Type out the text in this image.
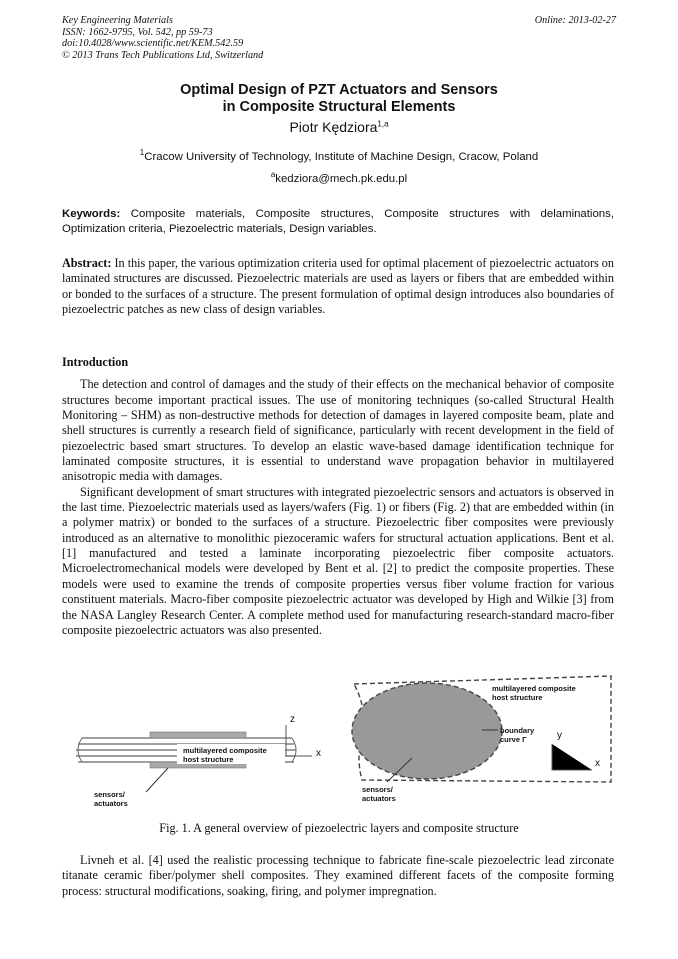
Key Engineering Materials
ISSN: 1662-9795, Vol. 542, pp 59-73
doi:10.4028/www.scientific.net/KEM.542.59
© 2013 Trans Tech Publications Ltd, Switzerland
Online: 2013-02-27
Optimal Design of PZT Actuators and Sensors
in Composite Structural Elements
Piotr Kędziora$^{1,a}$
$^1$Cracow University of Technology, Institute of Machine Design, Cracow, Poland
$^a$kedziora@mech.pk.edu.pl
Keywords: Composite materials, Composite structures, Composite structures with delaminations, Optimization criteria, Piezoelectric materials, Design variables.
Abstract: In this paper, the various optimization criteria used for optimal placement of piezoelectric actuators on laminated structures are discussed. Piezoelectric materials are used as layers or fibers that are embedded within or bonded to the surfaces of a structure. The present formulation of optimal design introduces also boundaries of piezoelectric patches as new class of design variables.
Introduction

The detection and control of damages and the study of their effects on the mechanical behavior of composite structures become important practical issues. The use of monitoring techniques (so-called Structural Health Monitoring – SHM) as non-destructive methods for detection of damages in layered composite beam, plate and shell structures is currently a research field of significance, particularly with recent development in the field of piezoelectric based smart structures. To develop an elastic wave-based damage identification technique for laminated composite structures, it is essential to understand wave propagation behavior in multilayered anisotropic media with damages.

Significant development of smart structures with integrated piezoelectric sensors and actuators is observed in the last time. Piezoelectric materials used as layers/wafers (Fig. 1) or fibers (Fig. 2) that are embedded within (in a polymer matrix) or bonded to the surfaces of a structure. Piezoelectric fiber composites were previously introduced as an alternative to monolithic piezoceramic wafers for structural actuation applications. Bent et al. [1] manufactured and tested a laminate incorporating piezoelectric fiber composite actuators. Microelectromechanical models were developed by Bent et al. [2] to predict the composite properties. These models were used to examine the trends of composite properties versus fiber volume fraction for various constituent materials. Macro-fiber composite piezoelectric actuator was developed by High and Wilkie [3] from the NASA Langley Research Center. A complete method used for manufacturing research-standard macro-fiber composite piezoelectric actuators was also presented.

multilayered composite
host structure
sensors/
actuators
z
x
multilayered composite
host structure
boundary
curve Γ
sensors/
actuators
y
x
Fig. 1. A general overview of piezoelectric layers and composite structure

Livneh et al. [4] used the realistic processing technique to fabricate fine-scale piezoelectric lead zirconate titanate ceramic fiber/polymer shell composites. They examined different facets of the composite forming process: structural modifications, soaking, firing, and polymer impregnation.
